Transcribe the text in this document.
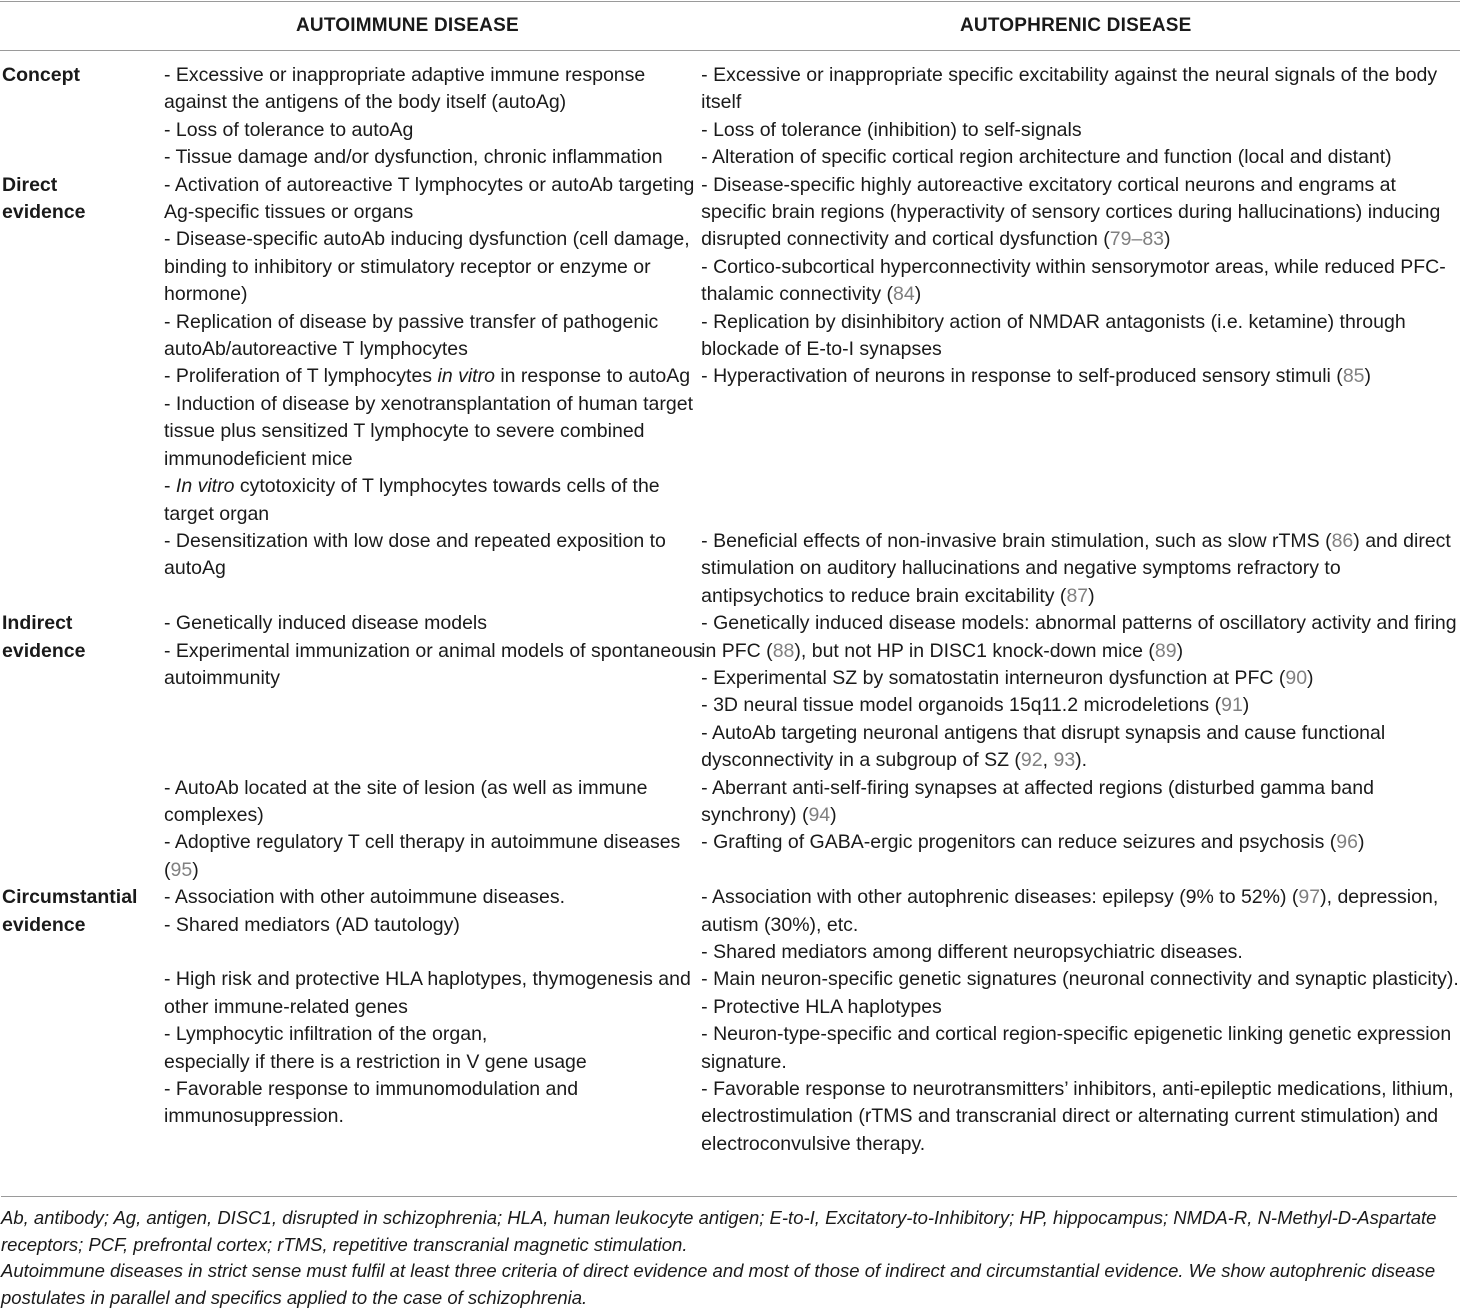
AUTOIMMUNE DISEASE	AUTOPHRENIC DISEASE
Concept	- Excessive or inappropriate adaptive immune response against the antigens of the body itself (autoAg)

- Loss of tolerance to autoAg

- Tissue damage and/or dysfunction, chronic inflammation

- Excessive or inappropriate specific excitability against the neural signals of the body itself

- Loss of tolerance (inhibition) to self-signals

- Alteration of specific cortical region architecture and function (local and distant)

Direct
evidence

- Activation of autoreactive T lymphocytes or autoAb targeting Ag-specific tissues or organs

- Disease-specific autoAb inducing dysfunction (cell damage, binding to inhibitory or stimulatory receptor or enzyme or hormone)

- Replication of disease by passive transfer of pathogenic autoAb/autoreactive T lymphocytes

- Proliferation of T lymphocytes in vitro in response to autoAg

- Induction of disease by xenotransplantation of human target tissue plus sensitized T lymphocyte to severe combined immunodeficient mice

- In vitro cytotoxicity of T lymphocytes towards cells of the target organ

- Disease-specific highly autoreactive excitatory cortical neurons and engrams at specific brain regions (hyperactivity of sensory cortices during hallucinations) inducing disrupted connectivity and cortical dysfunction (79–83)

- Cortico-subcortical hyperconnectivity within sensorymotor areas, while reduced PFC-thalamic connectivity (84)

- Replication by disinhibitory action of NMDAR antagonists (i.e. ketamine) through blockade of E-to-I synapses

- Hyperactivation of neurons in response to self-produced sensory stimuli (85)

- Desensitization with low dose and repeated exposition to autoAg

- Beneficial effects of non-invasive brain stimulation, such as slow rTMS (86) and direct stimulation on auditory hallucinations and negative symptoms refractory to antipsychotics to reduce brain excitability (87)

Indirect
evidence

- Genetically induced disease models

- Experimental immunization or animal models of spontaneous autoimmunity

- Genetically induced disease models: abnormal patterns of oscillatory activity and firing in PFC (88), but not HP in DISC1 knock-down mice (89)

- Experimental SZ by somatostatin interneuron dysfunction at PFC (90)

- 3D neural tissue model organoids 15q11.2 microdeletions (91)

- AutoAb targeting neuronal antigens that disrupt synapsis and cause functional dysconnectivity in a subgroup of SZ (92, 93).

- AutoAb located at the site of lesion (as well as immune complexes)

- Aberrant anti-self-firing synapses at affected regions (disturbed gamma band synchrony) (94)

- Adoptive regulatory T cell therapy in autoimmune diseases (95)

- Grafting of GABA-ergic progenitors can reduce seizures and psychosis (96)

Circumstantial
evidence

- Association with other autoimmune diseases.

- Shared mediators (AD tautology)

- Association with other autophrenic diseases: epilepsy (9% to 52%) (97), depression, autism (30%), etc.

- Shared mediators among different neuropsychiatric diseases.

- High risk and protective HLA haplotypes, thymogenesis and other immune-related genes

- Lymphocytic infiltration of the organ,
especially if there is a restriction in V gene usage

- Favorable response to immunomodulation and immunosuppression.

- Main neuron-specific genetic signatures (neuronal connectivity and synaptic plasticity).

- Protective HLA haplotypes

- Neuron-type-specific and cortical region-specific epigenetic linking genetic expression signature.

- Favorable response to neurotransmitters’ inhibitors, anti-epileptic medications, lithium, electrostimulation (rTMS and transcranial direct or alternating current stimulation) and electroconvulsive therapy.

Ab, antibody; Ag, antigen, DISC1, disrupted in schizophrenia; HLA, human leukocyte antigen; E-to-I, Excitatory-to-Inhibitory; HP, hippocampus; NMDA-R, N-Methyl-D-Aspartate receptors; PCF, prefrontal cortex; rTMS, repetitive transcranial magnetic stimulation.

Autoimmune diseases in strict sense must fulfil at least three criteria of direct evidence and most of those of indirect and circumstantial evidence. We show autophrenic disease postulates in parallel and specifics applied to the case of schizophrenia.
